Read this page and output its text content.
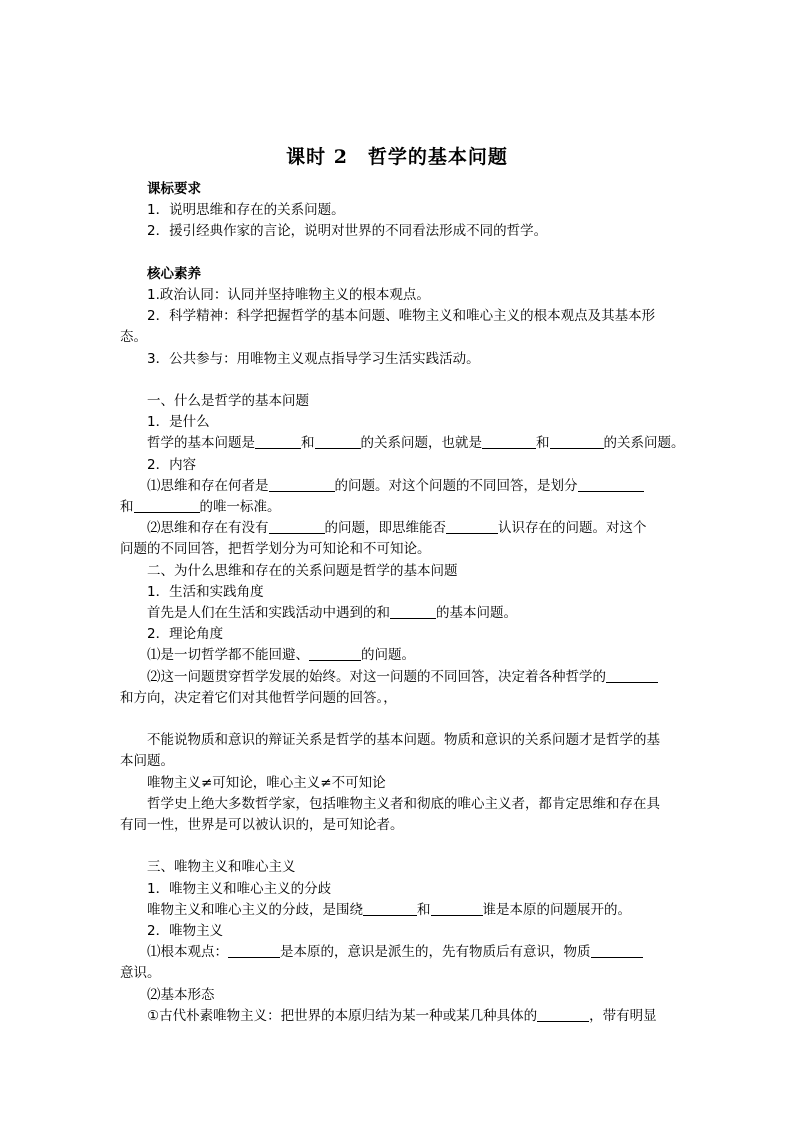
课时 2　哲学的基本问题
课标要求
1．说明思维和存在的关系问题。
2．援引经典作家的言论，说明对世界的不同看法形成不同的哲学。
核心素养
1.政治认同：认同并坚持唯物主义的根本观点。
2．科学精神：科学把握哲学的基本问题、唯物主义和唯心主义的根本观点及其基本形
态。
3．公共参与：用唯物主义观点指导学习生活实践活动。
一、什么是哲学的基本问题
1．是什么
哲学的基本问题是	和	的关系问题，也就是	和	的关系问题。
2．内容
⑴思维和存在何者是	的问题。对这个问题的不同回答，是划分
和	的唯一标准。
⑵思维和存在有没有	的问题，即思维能否	认识存在的问题。对这个
问题的不同回答，把哲学划分为可知论和不可知论。
二、为什么思维和存在的关系问题是哲学的基本问题
1．生活和实践角度
首先是人们在生活和实践活动中遇到的和	的基本问题。
2．理论角度
⑴是一切哲学都不能回避、	的问题。
⑵这一问题贯穿哲学发展的始终。对这一问题的不同回答，决定着各种哲学的
和方向，决定着它们对其他哲学问题的回答。，
不能说物质和意识的辩证关系是哲学的基本问题。物质和意识的关系问题才是哲学的基
本问题。
唯物主义≠可知论，唯心主义≠不可知论
哲学史上绝大多数哲学家，包括唯物主义者和彻底的唯心主义者，都肯定思维和存在具
有同一性，世界是可以被认识的，是可知论者。
三、唯物主义和唯心主义
1．唯物主义和唯心主义的分歧
唯物主义和唯心主义的分歧，是围绕	和	谁是本原的问题展开的。
2．唯物主义
⑴根本观点：	是本原的，意识是派生的，先有物质后有意识，物质
意识。
⑵基本形态
①古代朴素唯物主义：把世界的本原归结为某一种或某几种具体的	，带有明显
